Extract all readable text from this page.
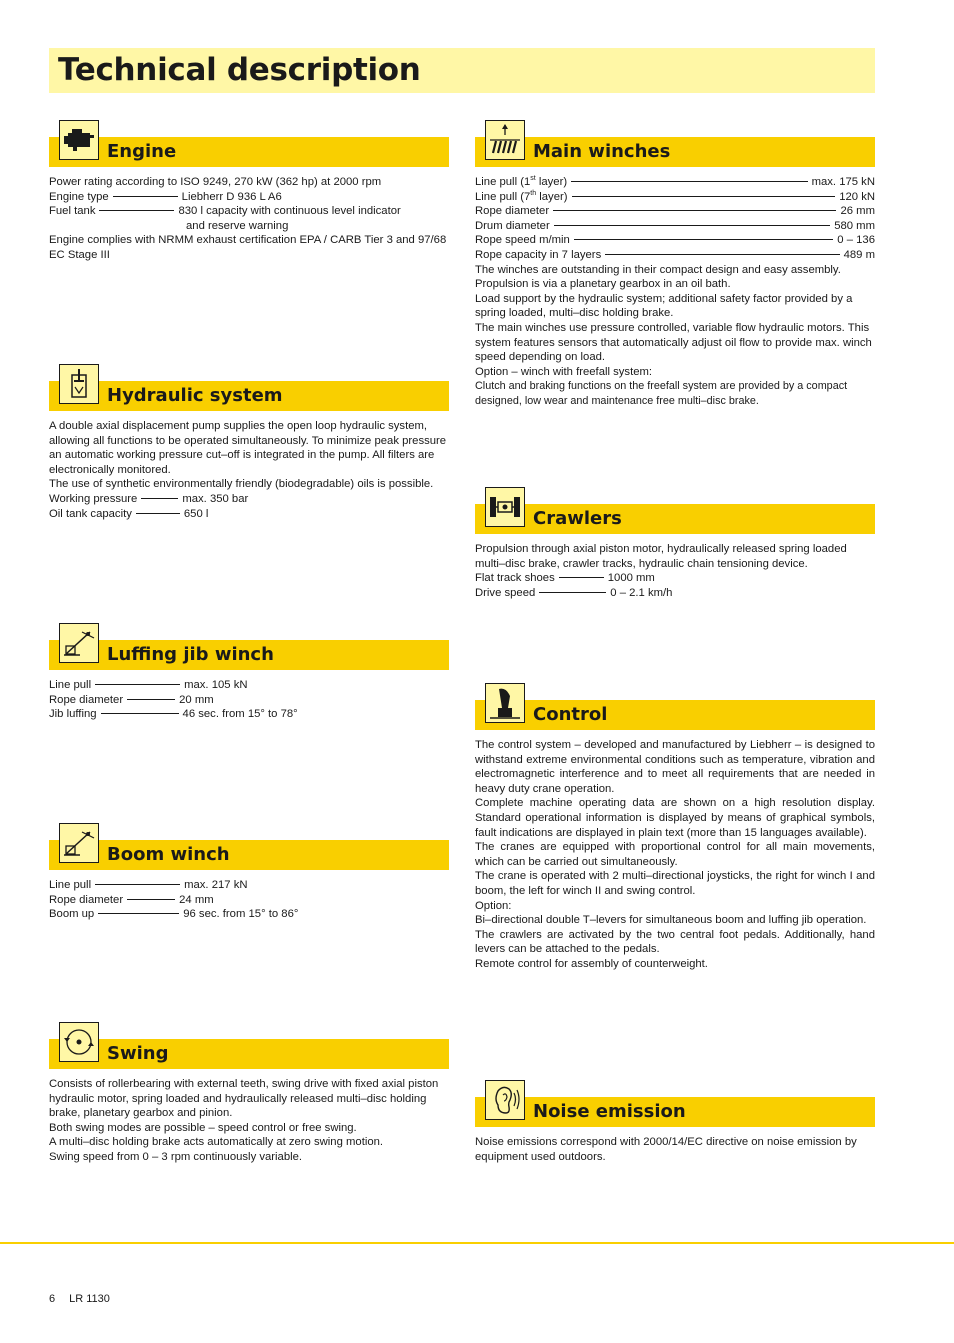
Technical description
Engine

Power rating according to ISO 9249, 270 kW (362 hp) at 2000 rpm

Engine type	Liebherr D 936 L A6
Fuel tank	830 l capacity with continuous level indicator

and reserve warning

Engine complies with NRMM exhaust certification EPA / CARB Tier 3 and 97/68 EC Stage III

Hydraulic system

A double axial displacement pump supplies the open loop hydraulic system, allowing all functions to be operated simultaneously. To minimize peak pressure an automatic working pressure cut–off is integrated in the pump. All filters are electronically monitored.

The use of synthetic environmentally friendly (biodegradable) oils is possible.

Working pressure	max. 350 bar
Oil tank capacity	650 l
Luffing jib winch
Line pull	max. 105 kN
Rope diameter	20 mm
Jib luffing	46 sec. from 15° to 78°
Boom winch
Line pull	max. 217 kN
Rope diameter	24 mm
Boom up	96 sec. from 15° to 86°
Swing

Consists of rollerbearing with external teeth, swing drive with fixed axial piston hydraulic motor, spring loaded and hydraulically released multi–disc holding brake, planetary gearbox and pinion.

Both swing modes are possible – speed control or free swing.

A multi–disc holding brake acts automatically at zero swing motion.

Swing speed from 0 – 3 rpm continuously variable.

Main winches
Line pull (1st layer)	max. 175 kN
Line pull (7th layer)	120 kN
Rope diameter	26 mm
Drum diameter	580 mm
Rope speed m/min	0 – 136
Rope capacity in 7 layers	489 m

The winches are outstanding in their compact design and easy assembly. Propulsion is via a planetary gearbox in an oil bath.

Load support by the hydraulic system; additional safety factor provided by a spring loaded, multi–disc holding brake.

The main winches use pressure controlled, variable flow hydraulic motors. This system features sensors that automatically adjust oil flow to provide max. winch speed depending on load.

Option – winch with freefall system:

Clutch and braking functions on the freefall system are provided by a compact designed, low wear and maintenance free multi–disc brake.

Crawlers

Propulsion through axial piston motor, hydraulically released spring loaded multi–disc brake, crawler tracks, hydraulic chain tensioning device.

Flat track shoes	1000 mm
Drive speed	0 – 2.1 km/h
Control

The control system – developed and manufactured by Liebherr – is designed to withstand extreme environmental conditions such as temperature, vibration and electromagnetic interference and to meet all requirements that are needed in heavy duty crane operation.

Complete machine operating data are shown on a high resolution display. Standard operational information is displayed by means of graphical symbols, fault indications are displayed in plain text (more than 15 languages available).

The cranes are equipped with proportional control for all main movements, which can be carried out simultaneously.

The crane is operated with 2 multi–directional joysticks, the right for winch I and boom, the left for winch II and swing control.

Option:

Bi–directional double T–levers for simultaneous boom and luffing jib operation.

The crawlers are activated by the two central foot pedals. Additionally, hand levers can be attached to the pedals.

Remote control for assembly of counterweight.

Noise emission

Noise emissions correspond with 2000/14/EC directive on noise emission by equipment used outdoors.

6 LR 1130
